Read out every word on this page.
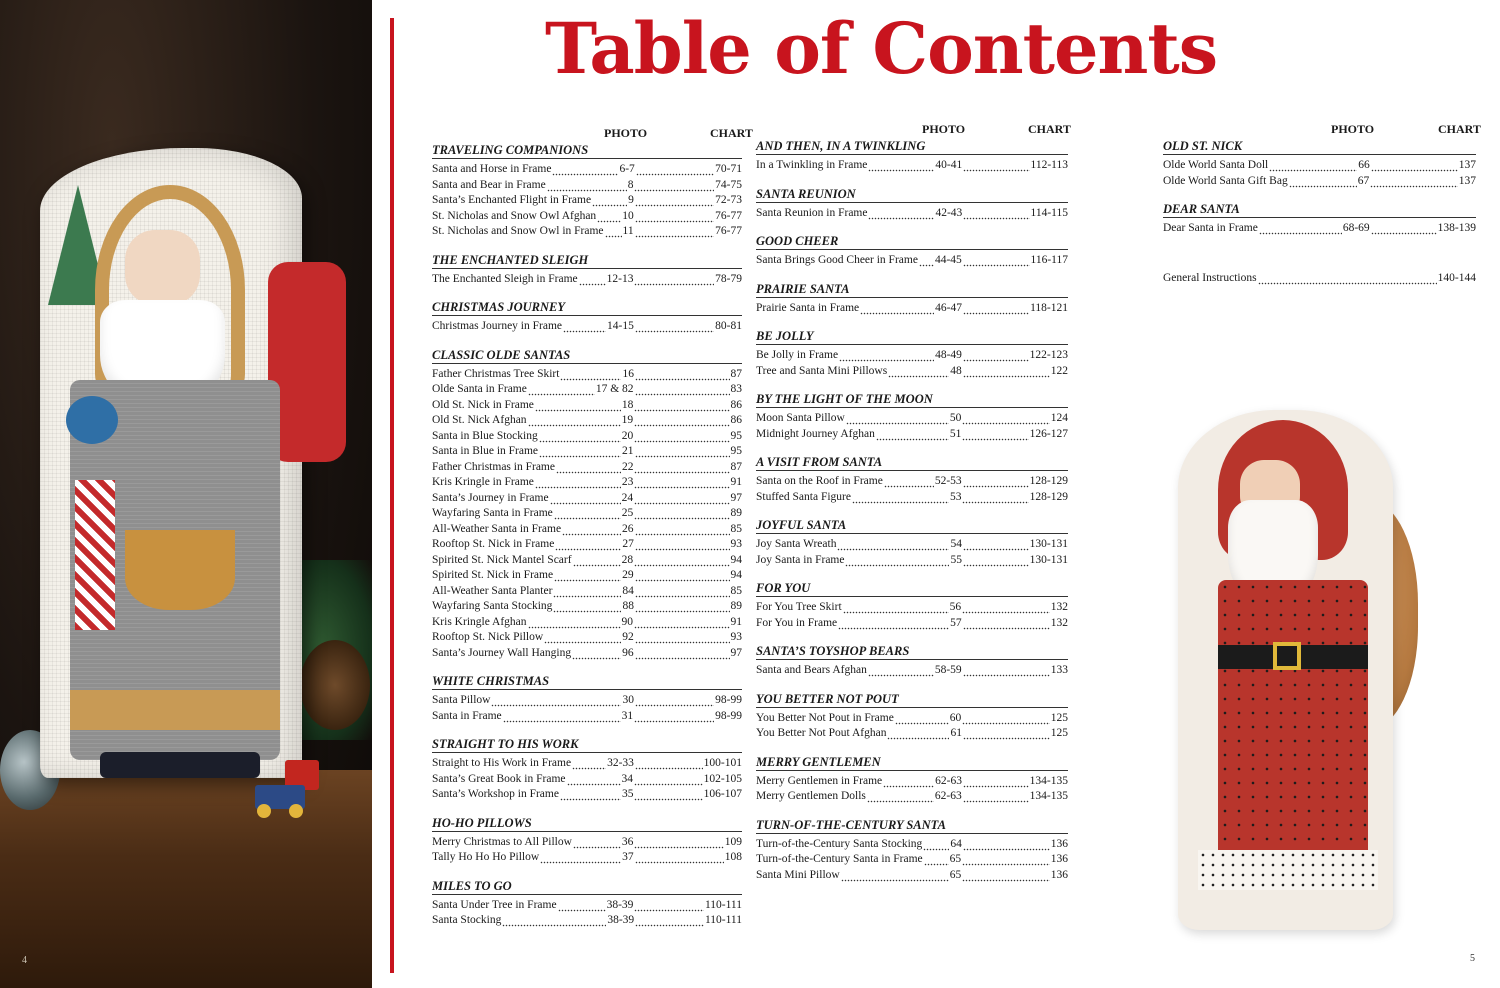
4
Table of Contents
PHOTO	CHART
TRAVELING COMPANIONS
Santa and Horse in Frame	6-7	70-71
Santa and Bear in Frame	8	74-75
Santa’s Enchanted Flight in Frame	9	72-73
St. Nicholas and Snow Owl Afghan 10	76-77
St. Nicholas and Snow Owl in Frame 11	76-77
THE ENCHANTED SLEIGH
The Enchanted Sleigh in Frame	12-13	78-79
CHRISTMAS JOURNEY
Christmas Journey in Frame	14-15	80-81
CLASSIC OLDE SANTAS
Father Christmas Tree Skirt	16	87
Olde Santa in Frame	17 & 82	83
Old St. Nick in Frame	18	86
Old St. Nick Afghan	19	86
Santa in Blue Stocking	20	95
Santa in Blue in Frame	21	95
Father Christmas in Frame	22	87
Kris Kringle in Frame	23	91
Santa’s Journey in Frame	24	97
Wayfaring Santa in Frame	25	89
All-Weather Santa in Frame	26	85
Rooftop St. Nick in Frame	27	93
Spirited St. Nick Mantel Scarf	28	94
Spirited St. Nick in Frame	29	94
All-Weather Santa Planter	84	85
Wayfaring Santa Stocking	88	89
Kris Kringle Afghan	90	91
Rooftop St. Nick Pillow	92	93
Santa’s Journey Wall Hanging	96	97
WHITE CHRISTMAS
Santa Pillow	30	98-99
Santa in Frame	31	98-99
STRAIGHT TO HIS WORK
Straight to His Work in Frame	32-33	100-101
Santa’s Great Book in Frame	34	102-105
Santa’s Workshop in Frame	35	106-107
HO-HO PILLOWS
Merry Christmas to All Pillow	36	109
Tally Ho Ho Ho Pillow	37	108
MILES TO GO
Santa Under Tree in Frame	38-39	110-111
Santa Stocking	38-39	110-111
PHOTO	CHART
AND THEN, IN A TWINKLING
In a Twinkling in Frame	40-41	112-113
SANTA REUNION
Santa Reunion in Frame	42-43	114-115
GOOD CHEER
Santa Brings Good Cheer in Frame 44-45	116-117
PRAIRIE SANTA
Prairie Santa in Frame	46-47	118-121
BE JOLLY
Be Jolly in Frame	48-49	122-123
Tree and Santa Mini Pillows	48	122
BY THE LIGHT OF THE MOON
Moon Santa Pillow	50	124
Midnight Journey Afghan	51	126-127
A VISIT FROM SANTA
Santa on the Roof in Frame	52-53	128-129
Stuffed Santa Figure	53	128-129
JOYFUL SANTA
Joy Santa Wreath	54	130-131
Joy Santa in Frame	55	130-131
FOR YOU
For You Tree Skirt	56	132
For You in Frame	57	132
SANTA’S TOYSHOP BEARS
Santa and Bears Afghan	58-59	133
YOU BETTER NOT POUT
You Better Not Pout in Frame	60	125
You Better Not Pout Afghan	61	125
MERRY GENTLEMEN
Merry Gentlemen in Frame	62-63	134-135
Merry Gentlemen Dolls	62-63	134-135
TURN-OF-THE-CENTURY SANTA
Turn-of-the-Century Santa Stocking 64	136
Turn-of-the-Century Santa in Frame 65	136
Santa Mini Pillow	65	136
PHOTO	CHART
OLD ST. NICK
Olde World Santa Doll	66	137
Olde World Santa Gift Bag	67	137
DEAR SANTA
Dear Santa in Frame	68-69	138-139
General Instructions	140-144
5
